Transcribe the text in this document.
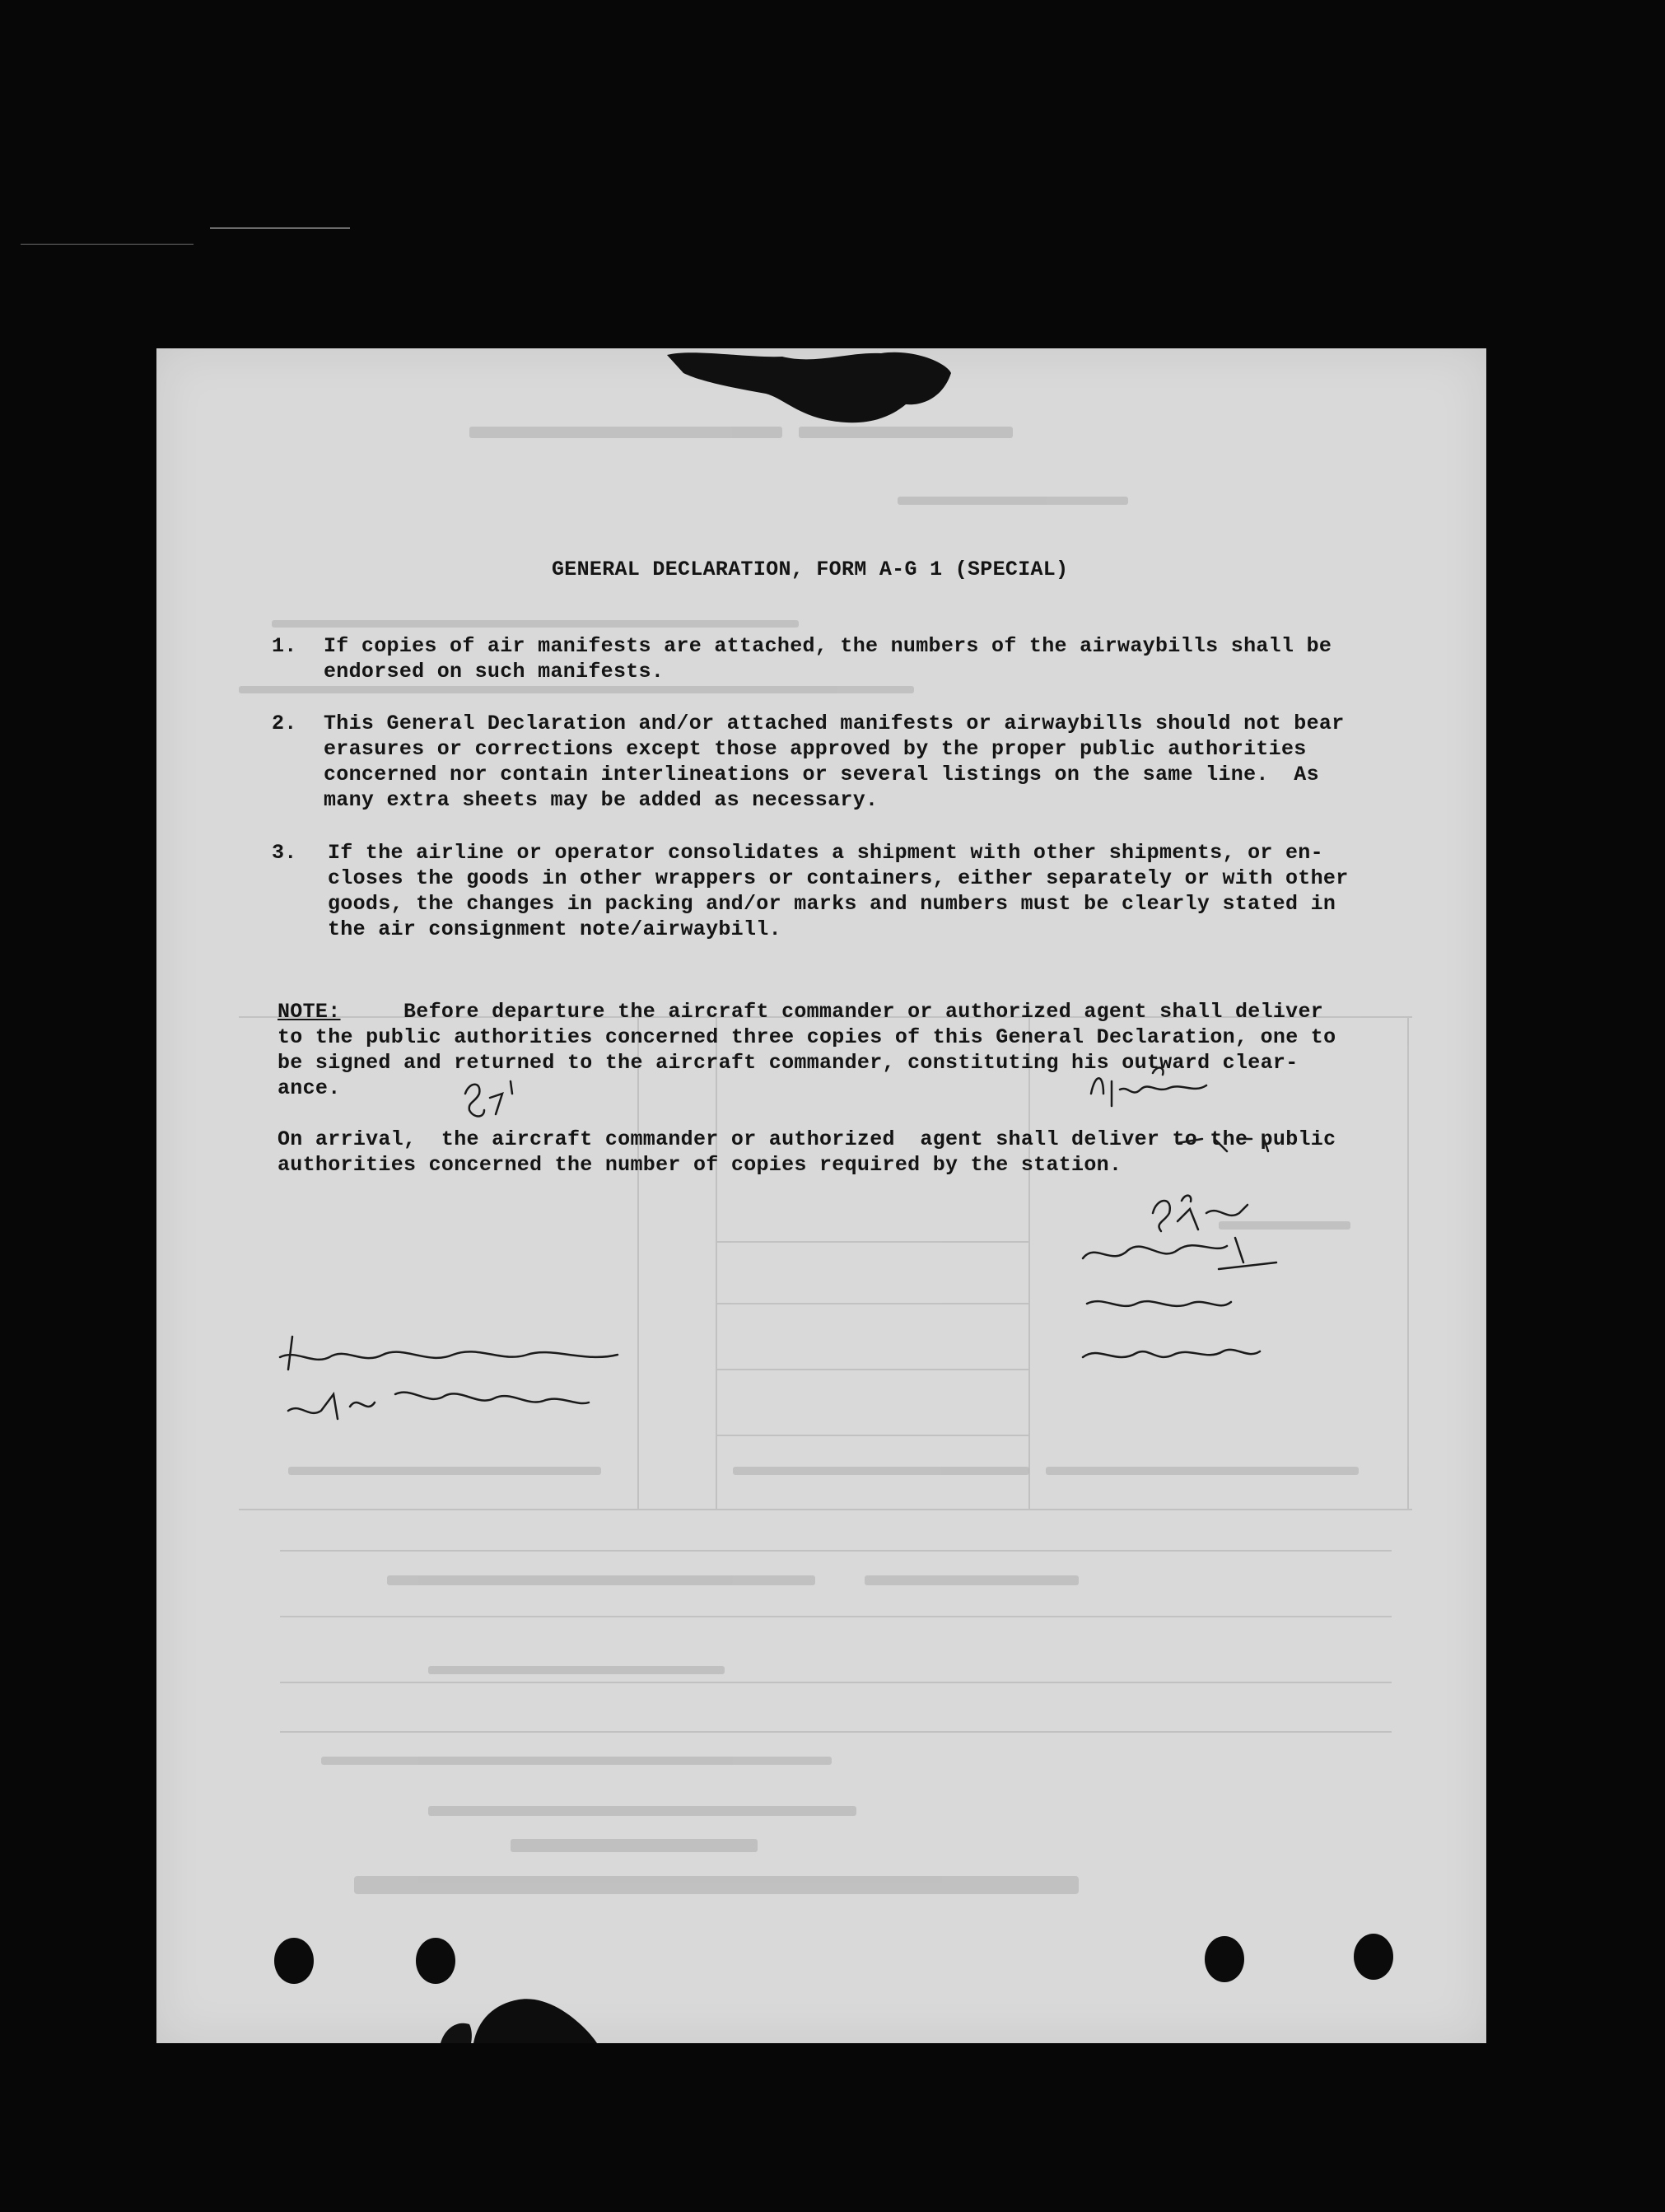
GENERAL DECLARATION, FORM A-G 1 (SPECIAL)
1.	If copies of air manifests are attached, the numbers of the airwaybills shall be
endorsed on such manifests.
2.	This General Declaration and/or attached manifests or airwaybills should not bear
erasures or corrections except those approved by the proper public authorities
concerned nor contain interlineations or several listings on the same line.  As
many extra sheets may be added as necessary.
3.	If the airline or operator consolidates a shipment with other shipments, or en-
closes the goods in other wrappers or containers, either separately or with other
goods, the changes in packing and/or marks and numbers must be clearly stated in
the air consignment note/airwaybill.
NOTE:	Before departure the aircraft commander or authorized agent shall deliver
to the public authorities concerned three copies of this General Declaration, one to
be signed and returned to the aircraft commander, constituting his outward clear-
ance.
On arrival,  the aircraft commander or authorized  agent shall deliver to the public
authorities concerned the number of copies required by the station.
